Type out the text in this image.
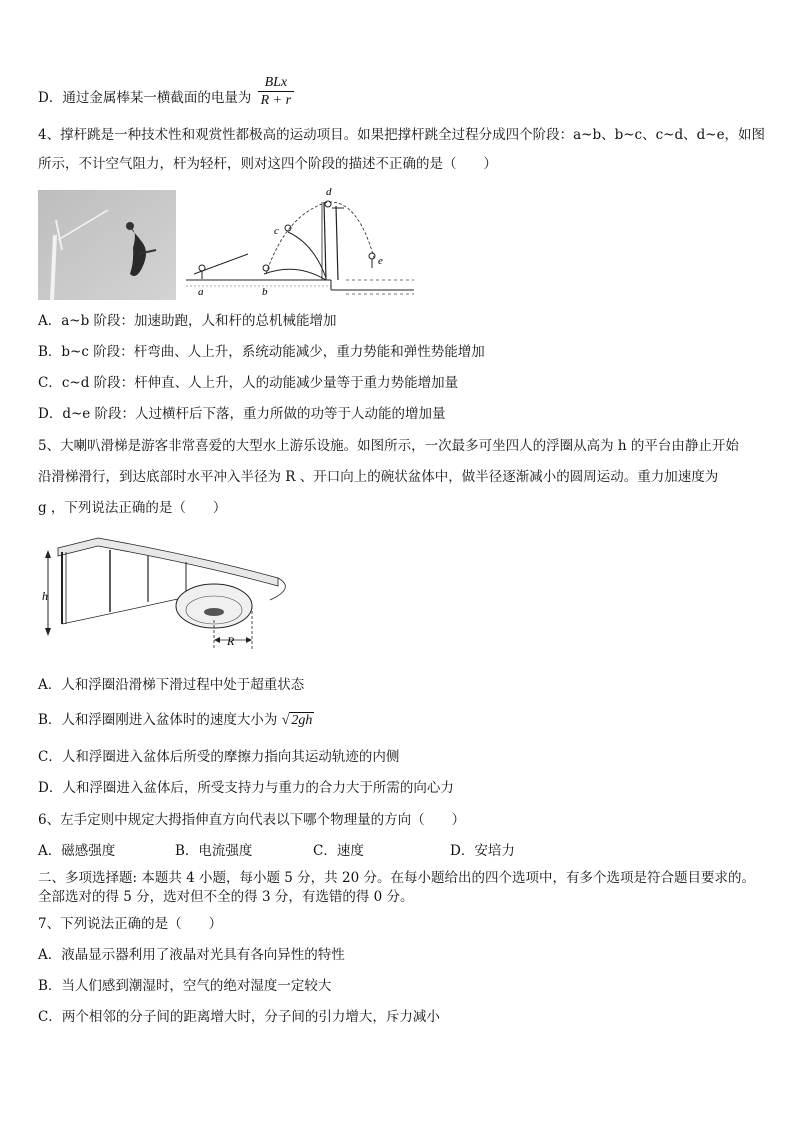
D．通过金属棒某一横截面的电量为 $\frac{\text{BLx}}{R + r}$
4、撑杆跳是一种技术性和观赏性都极高的运动项目。如果把撑杆跳全过程分成四个阶段：a~b、b~c、c~d、d~e，如图
所示，不计空气阻力，杆为轻杆，则对这四个阶段的描述不正确的是（　　）
a	b
c
d
e
A．a~b 阶段：加速助跑，人和杆的总机械能增加
B．b~c 阶段：杆弯曲、人上升，系统动能减少，重力势能和弹性势能增加
C．c~d 阶段：杆伸直、人上升，人的动能减少量等于重力势能增加量
D．d~e 阶段：人过横杆后下落，重力所做的功等于人动能的增加量
5、大喇叭滑梯是游客非常喜爱的大型水上游乐设施。如图所示，一次最多可坐四人的浮圈从高为 h 的平台由静止开始
沿滑梯滑行，到达底部时水平冲入半径为 R 、开口向上的碗状盆体中，做半径逐渐减小的圆周运动。重力加速度为
g ，下列说法正确的是（　　）
h
R
A．人和浮圈沿滑梯下滑过程中处于超重状态
B．人和浮圈刚进入盆体时的速度大小为 √ 2gh
C．人和浮圈进入盆体后所受的摩擦力指向其运动轨迹的内侧
D．人和浮圈进入盆体后，所受支持力与重力的合力大于所需的向心力
6、左手定则中规定大拇指伸直方向代表以下哪个物理量的方向（　　）
A．磁感强度	B．电流强度	C．速度	D．安培力
二、多项选择题: 本题共 4 小题，每小题 5 分，共 20 分。在每小题给出的四个选项中，有多个选项是符合题目要求的。
全部选对的得 5 分，选对但不全的得 3 分，有选错的得 0 分。
7、下列说法正确的是（　　）
A．液晶显示器利用了液晶对光具有各向异性的特性
B．当人们感到潮湿时，空气的绝对湿度一定较大
C．两个相邻的分子间的距离增大时，分子间的引力增大，斥力减小
